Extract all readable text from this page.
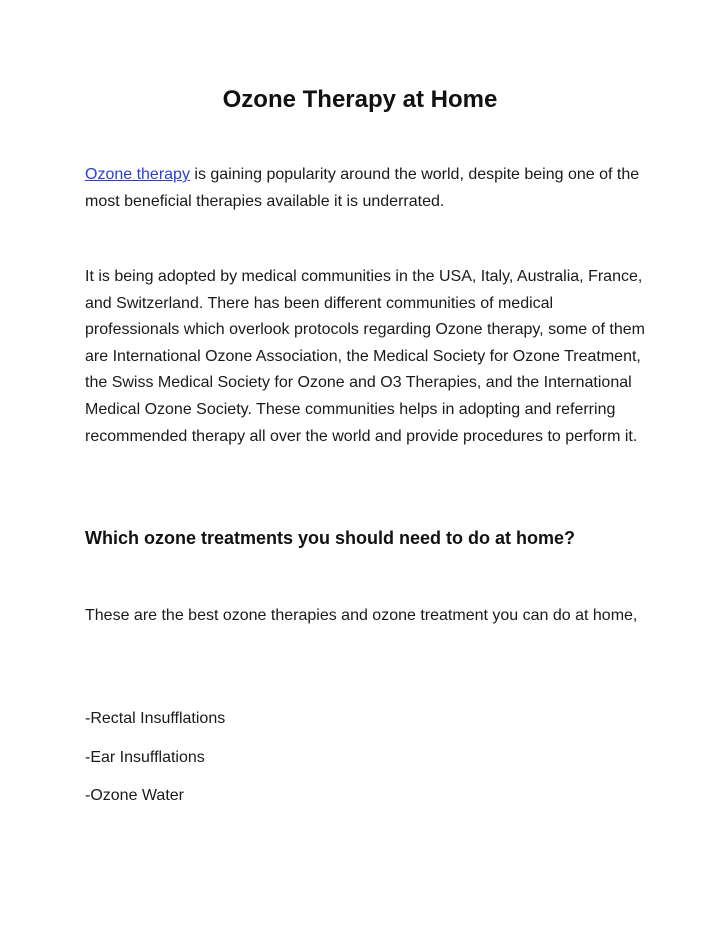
Ozone Therapy at Home

Ozone therapy is gaining popularity around the world, despite being one of the most beneficial therapies available it is underrated.

It is being adopted by medical communities in the USA, Italy, Australia, France, and Switzerland. There has been different communities of medical professionals which overlook protocols regarding Ozone therapy, some of them are International Ozone Association, the Medical Society for Ozone Treatment, the Swiss Medical Society for Ozone and O3 Therapies, and the International Medical Ozone Society. These communities helps in adopting and referring recommended therapy all over the world and provide procedures to perform it.

Which ozone treatments you should need to do at home?

These are the best ozone therapies and ozone treatment you can do at home,

-Rectal Insufflations
-Ear Insufflations
-Ozone Water
